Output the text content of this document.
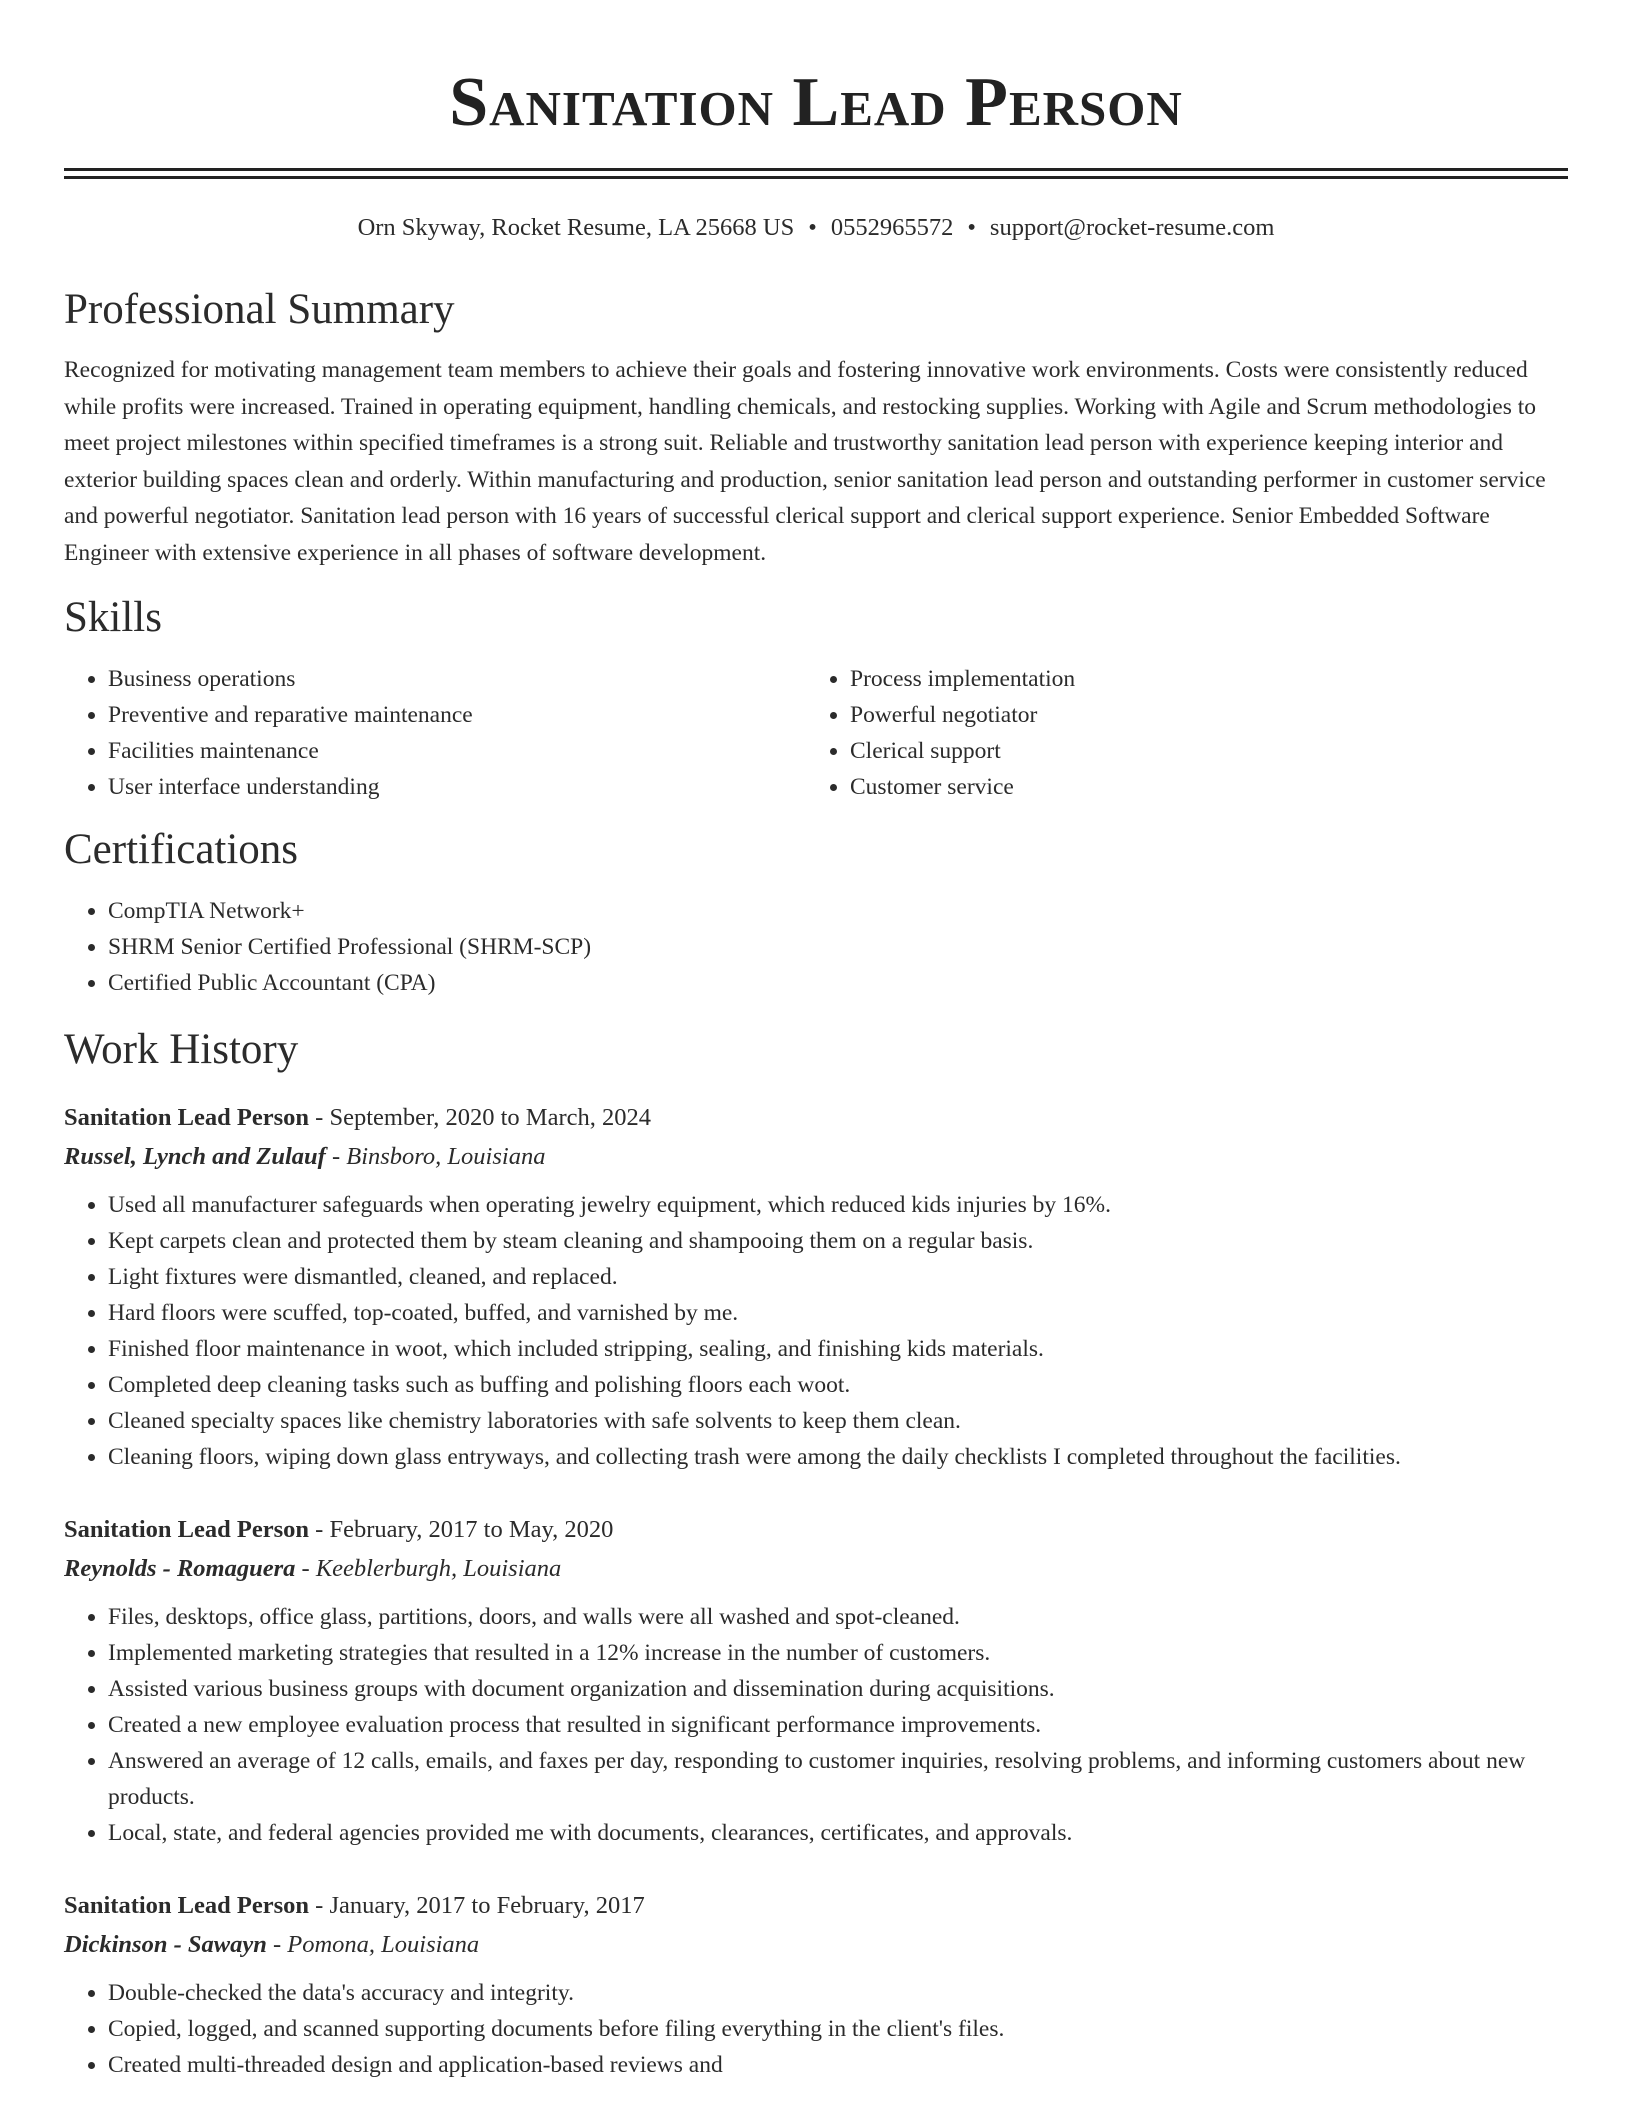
Sanitation Lead Person
Orn Skyway, Rocket Resume, LA 25668 US • 0552965572 • support@rocket-resume.com
Professional Summary
Recognized for motivating management team members to achieve their goals and fostering innovative work environments. Costs were consistently reduced while profits were increased. Trained in operating equipment, handling chemicals, and restocking supplies. Working with Agile and Scrum methodologies to meet project milestones within specified timeframes is a strong suit. Reliable and trustworthy sanitation lead person with experience keeping interior and exterior building spaces clean and orderly. Within manufacturing and production, senior sanitation lead person and outstanding performer in customer service and powerful negotiator. Sanitation lead person with 16 years of successful clerical support and clerical support experience. Senior Embedded Software Engineer with extensive experience in all phases of software development.
Skills
• Business operations
• Preventive and reparative maintenance
• Facilities maintenance
• User interface understanding
• Process implementation
• Powerful negotiator
• Clerical support
• Customer service
Certifications
• CompTIA Network+
• SHRM Senior Certified Professional (SHRM-SCP)
• Certified Public Accountant (CPA)
Work History
Sanitation Lead Person - September, 2020 to March, 2024
Russel, Lynch and Zulauf - Binsboro, Louisiana
• Used all manufacturer safeguards when operating jewelry equipment, which reduced kids injuries by 16%.
• Kept carpets clean and protected them by steam cleaning and shampooing them on a regular basis.
• Light fixtures were dismantled, cleaned, and replaced.
• Hard floors were scuffed, top-coated, buffed, and varnished by me.
• Finished floor maintenance in woot, which included stripping, sealing, and finishing kids materials.
• Completed deep cleaning tasks such as buffing and polishing floors each woot.
• Cleaned specialty spaces like chemistry laboratories with safe solvents to keep them clean.
• Cleaning floors, wiping down glass entryways, and collecting trash were among the daily checklists I completed throughout the facilities.
Sanitation Lead Person - February, 2017 to May, 2020
Reynolds - Romaguera - Keeblerburgh, Louisiana
• Files, desktops, office glass, partitions, doors, and walls were all washed and spot-cleaned.
• Implemented marketing strategies that resulted in a 12% increase in the number of customers.
• Assisted various business groups with document organization and dissemination during acquisitions.
• Created a new employee evaluation process that resulted in significant performance improvements.
• Answered an average of 12 calls, emails, and faxes per day, responding to customer inquiries, resolving problems, and informing customers about new products.
• Local, state, and federal agencies provided me with documents, clearances, certificates, and approvals.
Sanitation Lead Person - January, 2017 to February, 2017
Dickinson - Sawayn - Pomona, Louisiana
• Double-checked the data's accuracy and integrity.
• Copied, logged, and scanned supporting documents before filing everything in the client's files.
• Created multi-threaded design and application-based reviews and
